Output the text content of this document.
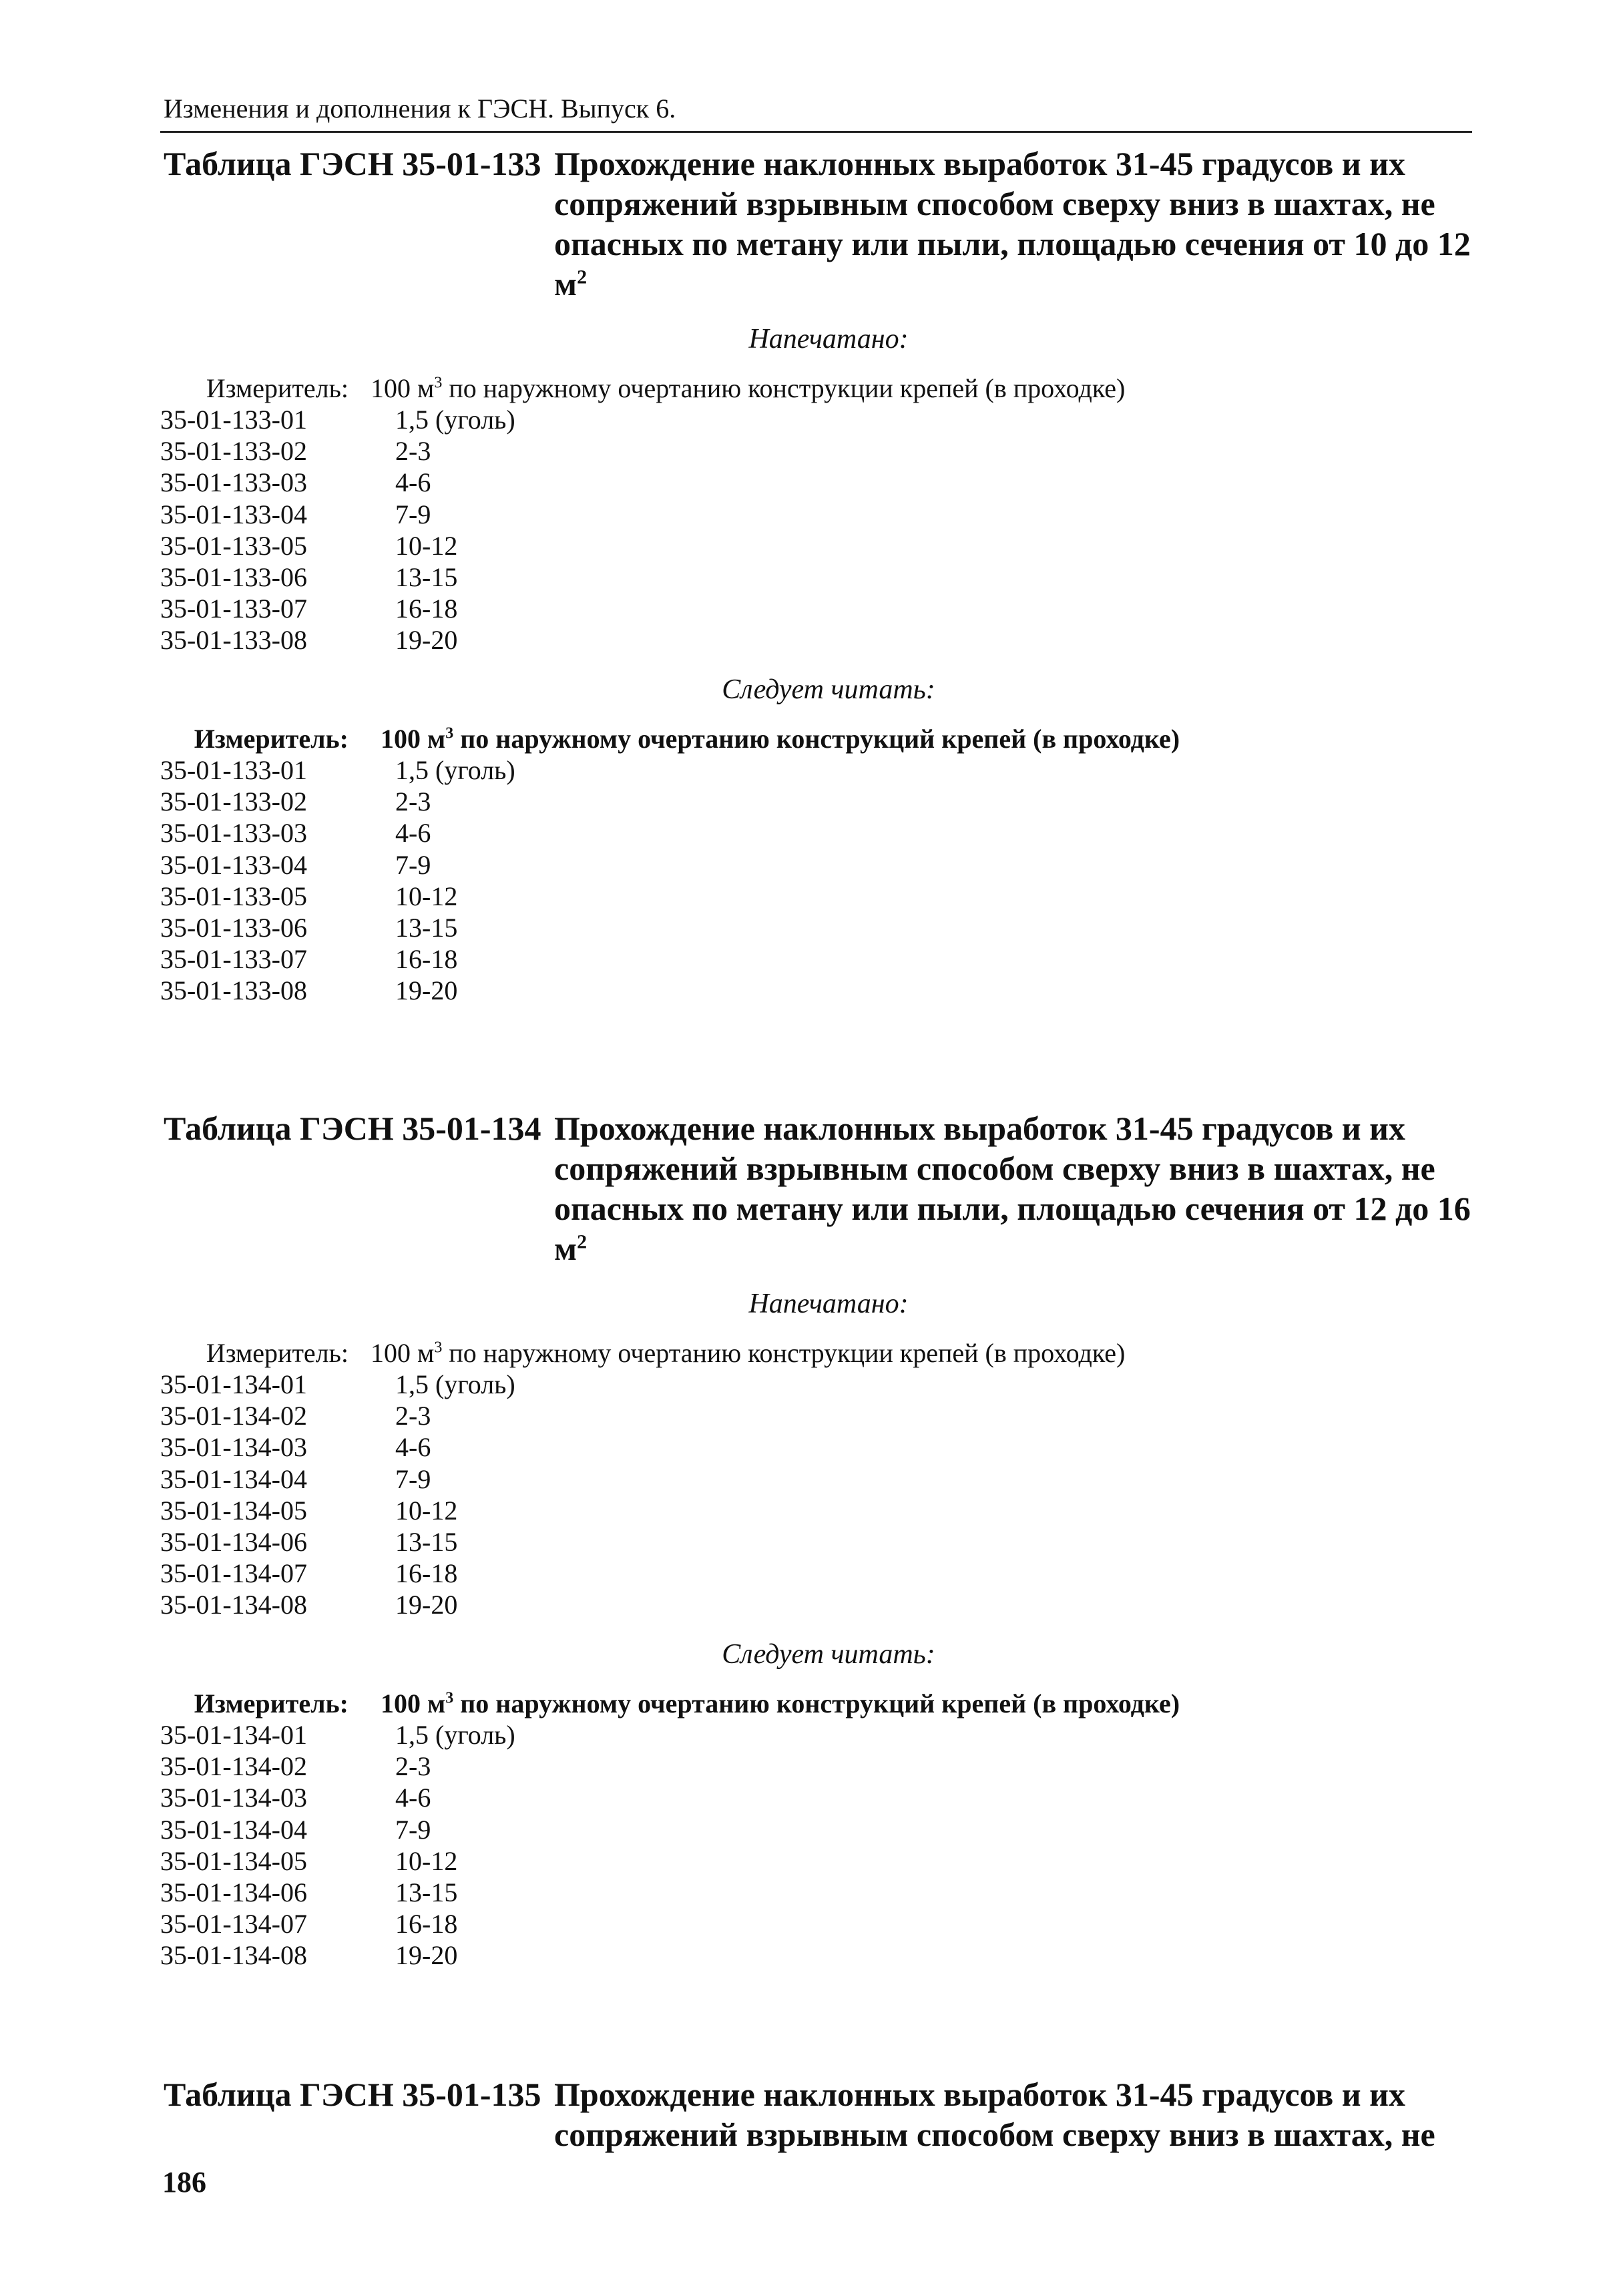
Изменения и дополнения к ГЭСН. Выпуск 6.
Таблица ГЭСН 35-01-133 Прохождение наклонных выработок 31-45 градусов и их
сопряжений взрывным способом сверху вниз в шахтах, не
опасных по метану или пыли, площадью сечения от 10 до 12
$м^2$
Напечатано:
Измеритель: 100 $м^3$ по наружному очертанию конструкции крепей (в проходке)
35-01-133-01	1,5 (уголь)
35-01-133-02	2-3
35-01-133-03	4-6
35-01-133-04	7-9
35-01-133-05	10-12
35-01-133-06	13-15
35-01-133-07	16-18
35-01-133-08	19-20
Следует читать:
Измеритель: 100 $м^3$ по наружному очертанию конструкций крепей (в проходке)
35-01-133-01	1,5 (уголь)
35-01-133-02	2-3
35-01-133-03	4-6
35-01-133-04	7-9
35-01-133-05	10-12
35-01-133-06	13-15
35-01-133-07	16-18
35-01-133-08	19-20
Таблица ГЭСН 35-01-134 Прохождение наклонных выработок 31-45 градусов и их
сопряжений взрывным способом сверху вниз в шахтах, не
опасных по метану или пыли, площадью сечения от 12 до 16
$м^2$
Напечатано:
Измеритель: 100 $м^3$ по наружному очертанию конструкции крепей (в проходке)
35-01-134-01	1,5 (уголь)
35-01-134-02	2-3
35-01-134-03	4-6
35-01-134-04	7-9
35-01-134-05	10-12
35-01-134-06	13-15
35-01-134-07	16-18
35-01-134-08	19-20
Следует читать:
Измеритель: 100 $м^3$ по наружному очертанию конструкций крепей (в проходке)
35-01-134-01	1,5 (уголь)
35-01-134-02	2-3
35-01-134-03	4-6
35-01-134-04	7-9
35-01-134-05	10-12
35-01-134-06	13-15
35-01-134-07	16-18
35-01-134-08	19-20
Таблица ГЭСН 35-01-135 Прохождение наклонных выработок 31-45 градусов и их
сопряжений взрывным способом сверху вниз в шахтах, не
186
